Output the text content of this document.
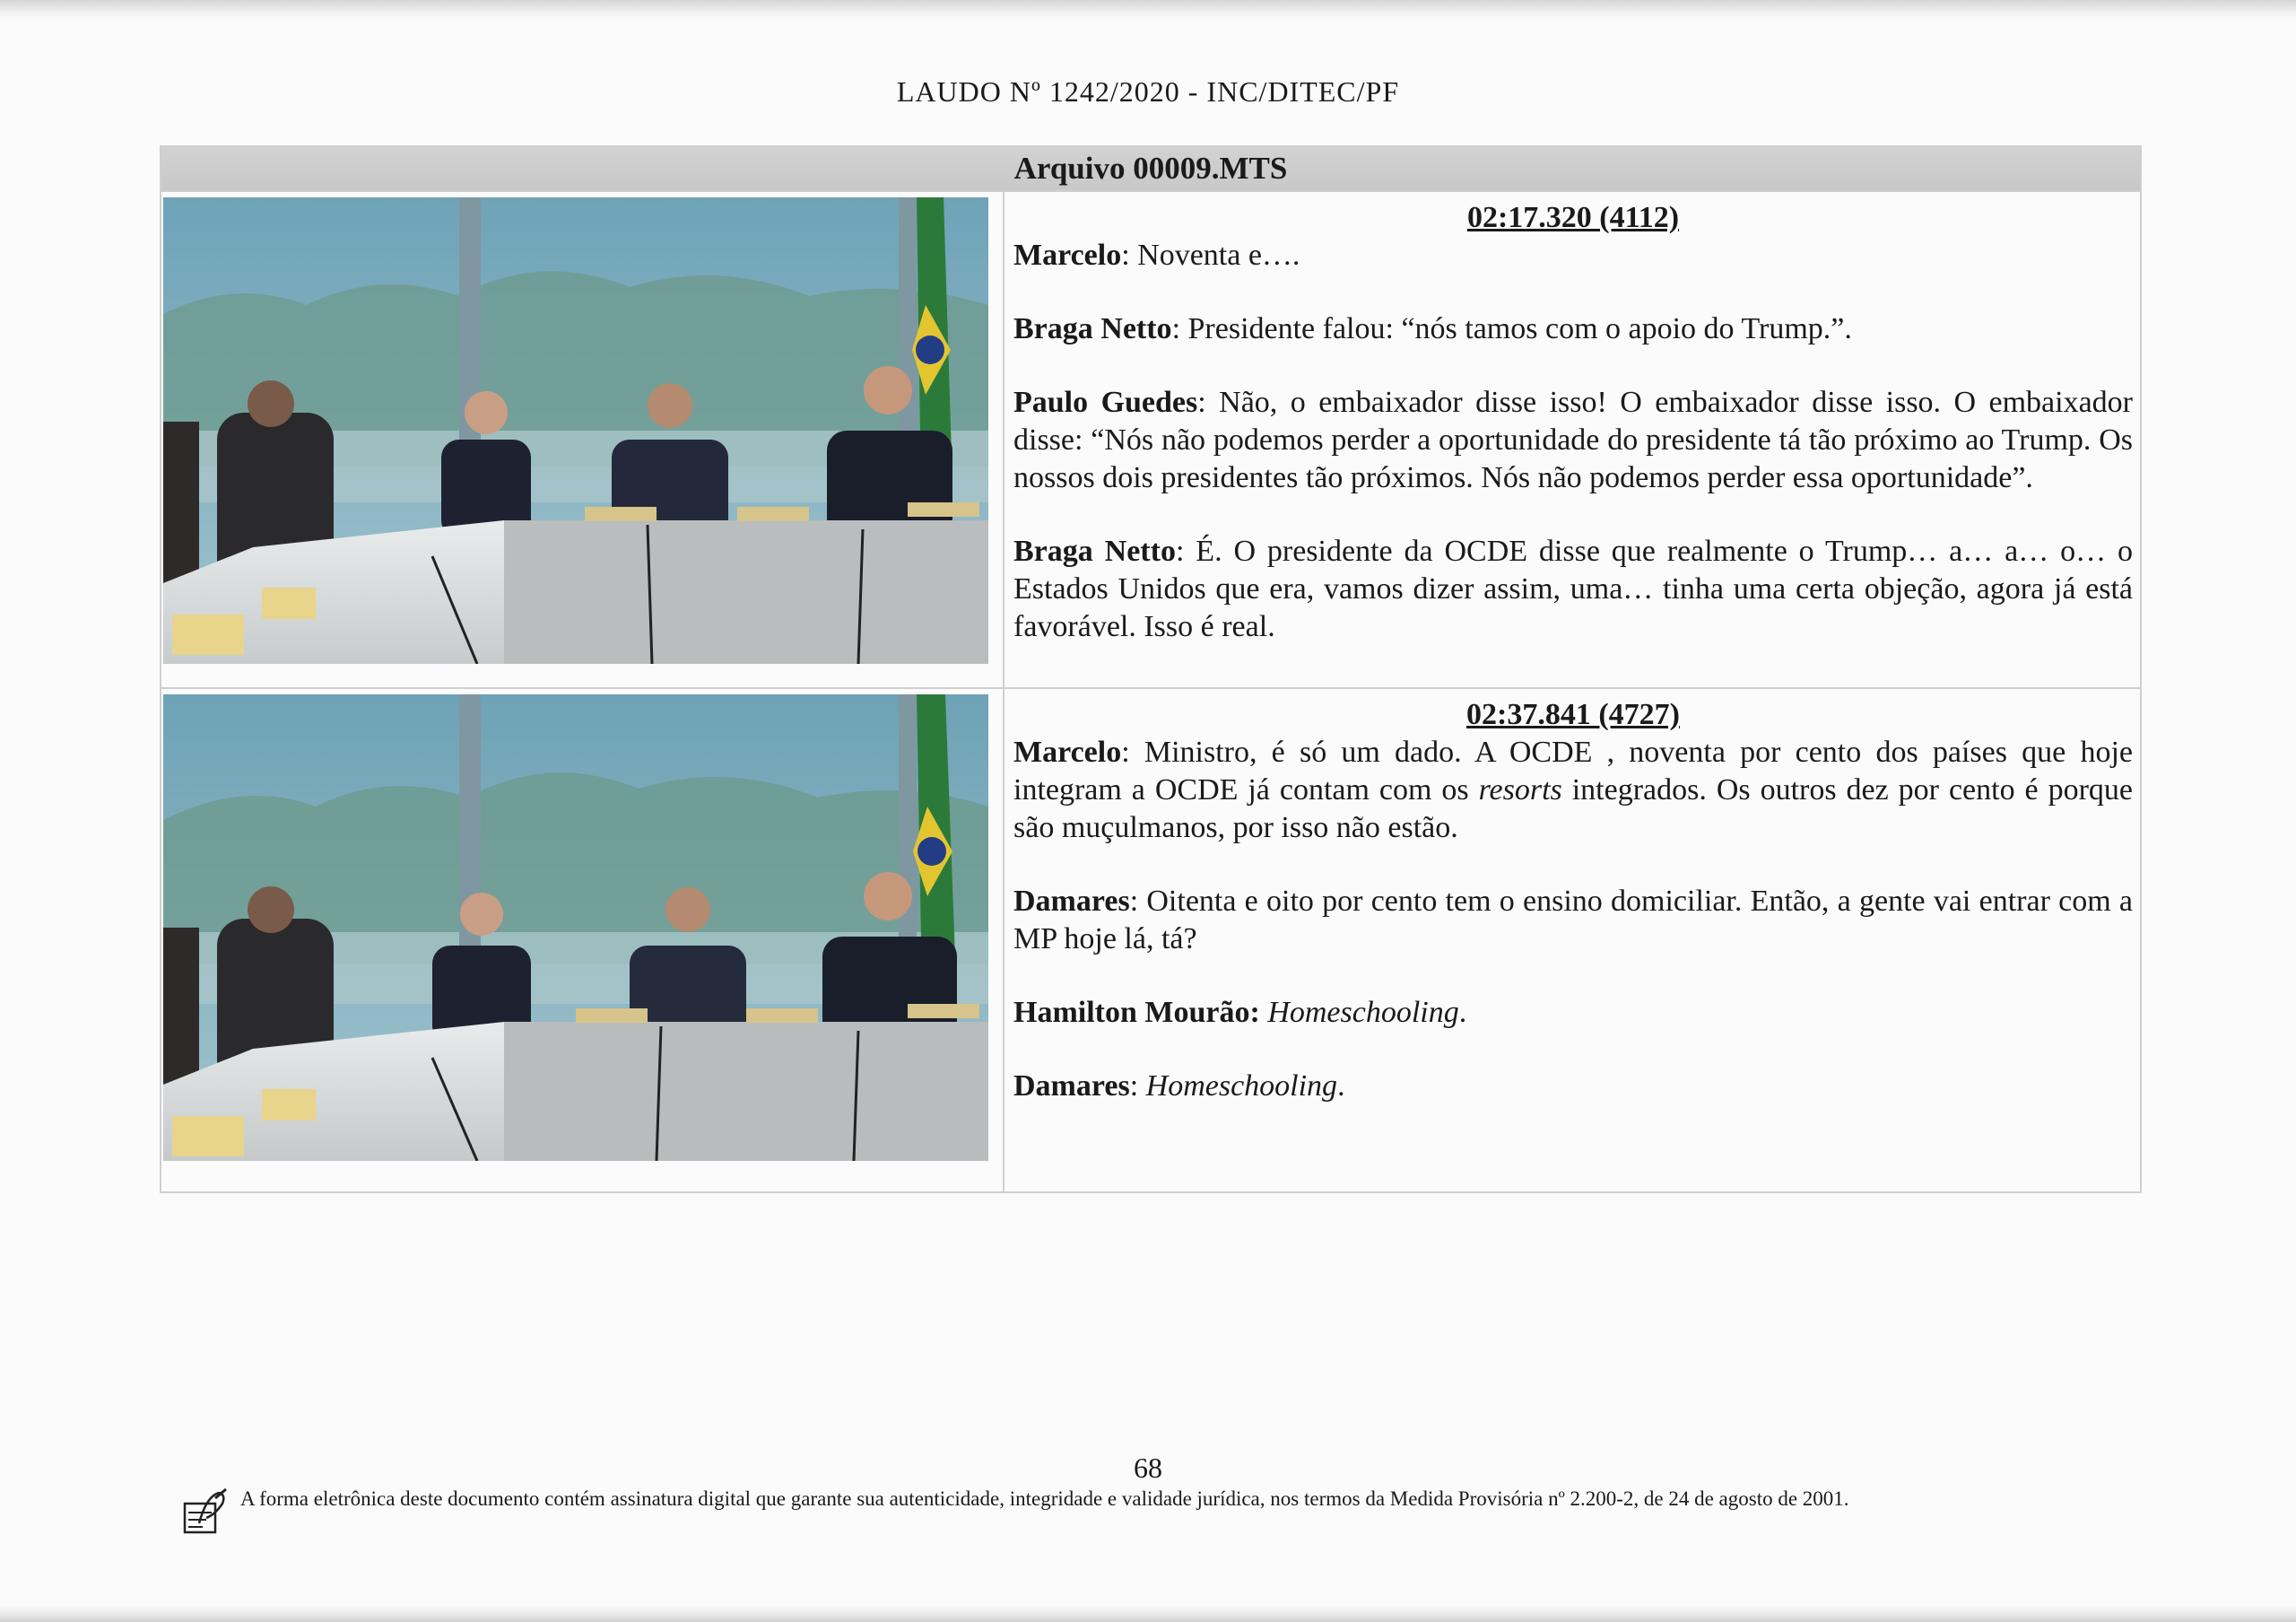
LAUDO Nº 1242/2020 - INC/DITEC/PF
Arquivo 00009.MTS	

02:17.320 (4112)
Marcelo: Noventa e….
Braga Netto: Presidente falou: “nós tamos com o apoio do Trump.”.
Paulo Guedes: Não, o embaixador disse isso! O embaixador disse isso. O embaixador disse: “Nós não podemos perder a oportunidade do presidente tá tão próximo ao Trump. Os nossos dois presidentes tão próximos. Nós não podemos perder essa oportunidade”.
Braga Netto: É. O presidente da OCDE disse que realmente o Trump… a… a… o… o Estados Unidos que era, vamos dizer assim, uma… tinha uma certa objeção, agora já está favorável. Isso é real.

02:37.841 (4727)
Marcelo: Ministro, é só um dado. A OCDE , noventa por cento dos países que hoje integram a OCDE já contam com os resorts integrados. Os outros dez por cento é porque são muçulmanos, por isso não estão.
Damares: Oitenta e oito por cento tem o ensino domiciliar. Então, a gente vai entrar com a MP hoje lá, tá?
Hamilton Mourão: Homeschooling.
Damares: Homeschooling.
68
A forma eletrônica deste documento contém assinatura digital que garante sua autenticidade, integridade e validade jurídica, nos termos da Medida Provisória nº 2.200-2, de 24 de agosto de 2001.
